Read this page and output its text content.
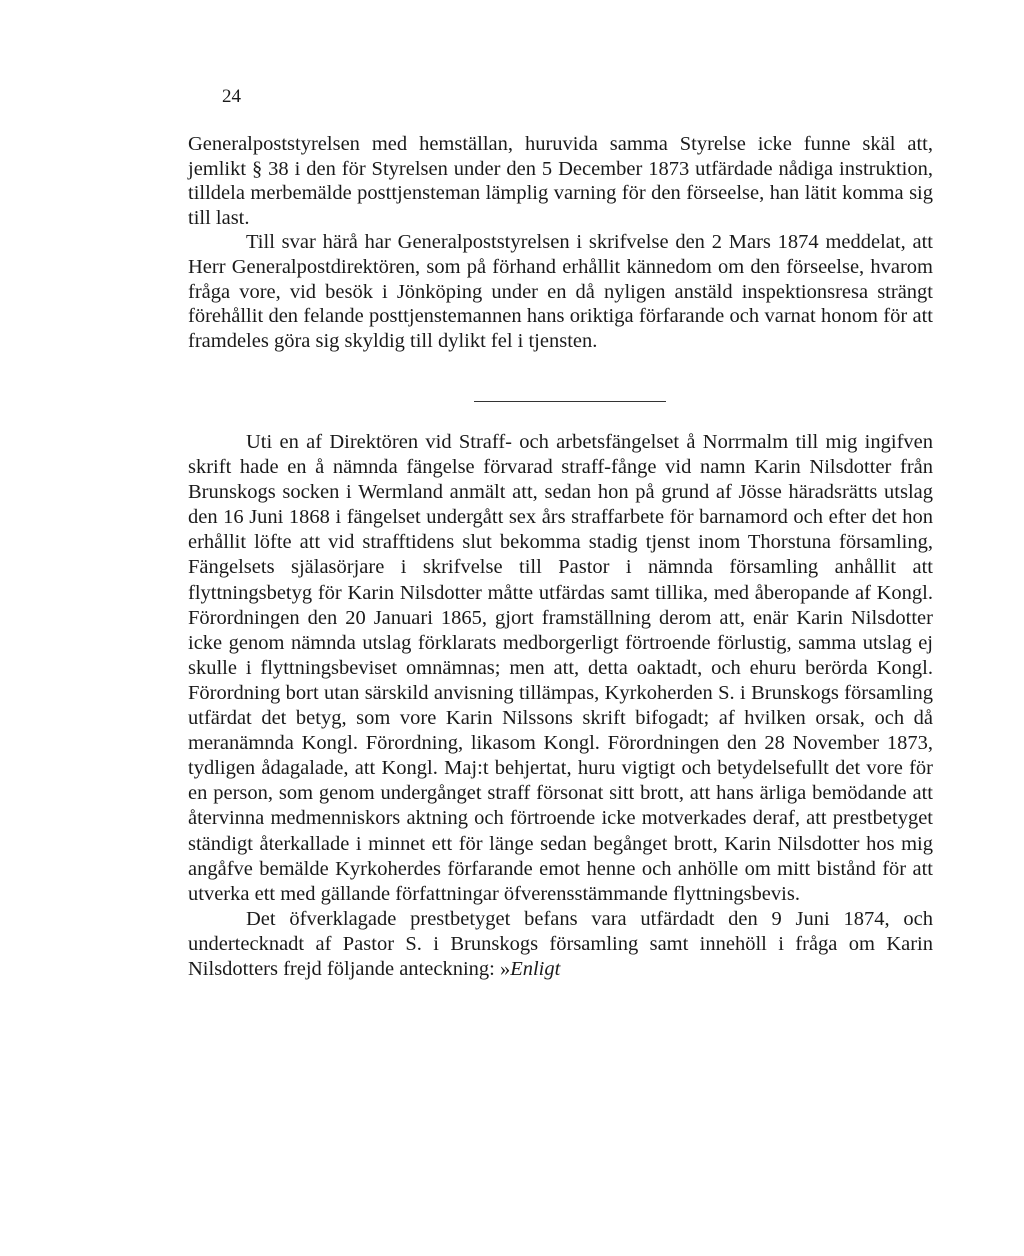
24

Generalpoststyrelsen med hemställan, huruvida samma Styrelse icke funne skäl att, jemlikt § 38 i den för Styrelsen under den 5 December 1873 utfärdade nådiga instruktion, tilldela merbemälde posttjensteman lämplig varning för den förseelse, han lätit komma sig till last.

Till svar härå har Generalpoststyrelsen i skrifvelse den 2 Mars 1874 meddelat, att Herr Generalpostdirektören, som på förhand erhållit kännedom om den förseelse, hvarom fråga vore, vid besök i Jönköping under en då nyligen anstäld inspektionsresa strängt förehållit den felande posttjenstemannen hans oriktiga förfarande och varnat honom för att framdeles göra sig skyldig till dylikt fel i tjensten.

Uti en af Direktören vid Straff- och arbetsfängelset å Norrmalm till mig ingifven skrift hade en å nämnda fängelse förvarad straff-fånge vid namn Karin Nilsdotter från Brunskogs socken i Wermland anmält att, sedan hon på grund af Jösse häradsrätts utslag den 16 Juni 1868 i fängelset undergått sex års straffarbete för barnamord och efter det hon erhållit löfte att vid strafftidens slut bekomma stadig tjenst inom Thorstuna församling, Fängelsets själasörjare i skrifvelse till Pastor i nämnda församling anhållit att flyttningsbetyg för Karin Nilsdotter måtte utfärdas samt tillika, med åberopande af Kongl. Förordningen den 20 Januari 1865, gjort framställning derom att, enär Karin Nilsdotter icke genom nämnda utslag förklarats medborgerligt förtroende förlustig, samma utslag ej skulle i flyttningsbeviset omnämnas; men att, detta oaktadt, och ehuru berörda Kongl. Förordning bort utan särskild anvisning tillämpas, Kyrkoherden S. i Brunskogs församling utfärdat det betyg, som vore Karin Nilssons skrift bifogadt; af hvilken orsak, och då meranämnda Kongl. Förordning, likasom Kongl. Förordningen den 28 November 1873, tydligen ådagalade, att Kongl. Maj:t behjertat, huru vigtigt och betydelsefullt det vore för en person, som genom undergånget straff försonat sitt brott, att hans ärliga bemödande att återvinna medmenniskors aktning och förtroende icke motverkades deraf, att prestbetyget ständigt återkallade i minnet ett för länge sedan begånget brott, Karin Nilsdotter hos mig angåfve bemälde Kyrkoherdes förfarande emot henne och anhölle om mitt bistånd för att utverka ett med gällande författningar öfverensstämmande flyttningsbevis.

Det öfverklagade prestbetyget befans vara utfärdadt den 9 Juni 1874, och undertecknadt af Pastor S. i Brunskogs församling samt innehöll i fråga om Karin Nilsdotters frejd följande anteckning: »Enligt
